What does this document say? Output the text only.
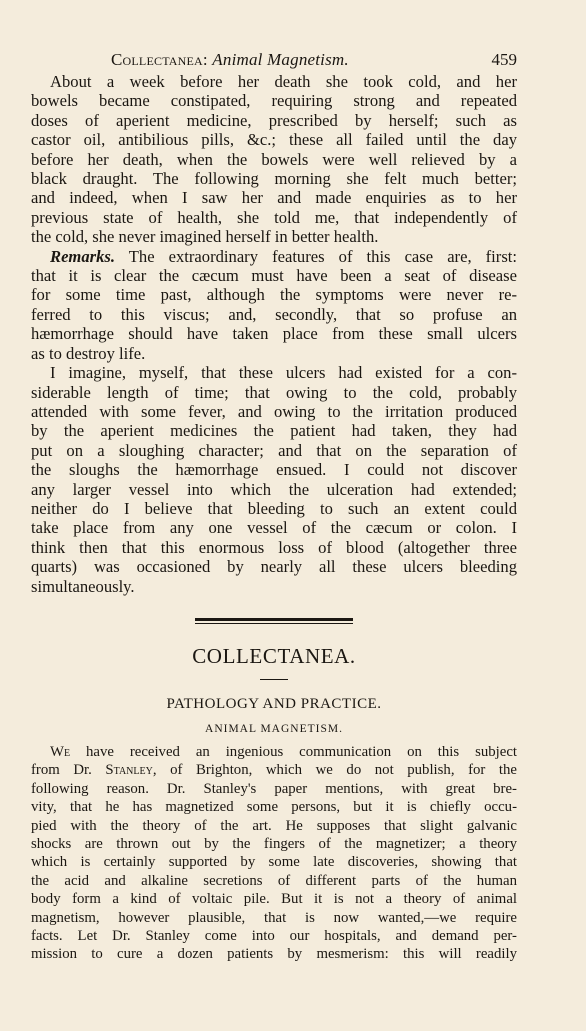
Collectanea: Animal Magnetism.	459

About a week before her death she took cold, and her
bowels became constipated, requiring strong and repeated
doses of aperient medicine, prescribed by herself; such as
castor oil, antibilious pills, &c.; these all failed until the day
before her death, when the bowels were well relieved by a
black draught. The following morning she felt much better;
and indeed, when I saw her and made enquiries as to her
previous state of health, she told me, that independently of
the cold, she never imagined herself in better health.

Remarks. The extraordinary features of this case are, first:
that it is clear the cæcum must have been a seat of disease
for some time past, although the symptoms were never re-
ferred to this viscus; and, secondly, that so profuse an
hæmorrhage should have taken place from these small ulcers
as to destroy life.

I imagine, myself, that these ulcers had existed for a con-
siderable length of time; that owing to the cold, probably
attended with some fever, and owing to the irritation produced
by the aperient medicines the patient had taken, they had
put on a sloughing character; and that on the separation of
the sloughs the hæmorrhage ensued. I could not discover
any larger vessel into which the ulceration had extended;
neither do I believe that bleeding to such an extent could
take place from any one vessel of the cæcum or colon. I
think then that this enormous loss of blood (altogether three
quarts) was occasioned by nearly all these ulcers bleeding
simultaneously.

COLLECTANEA.
PATHOLOGY AND PRACTICE.
ANIMAL MAGNETISM.

We have received an ingenious communication on this subject
from Dr. Stanley, of Brighton, which we do not publish, for the
following reason. Dr. Stanley's paper mentions, with great bre-
vity, that he has magnetized some persons, but it is chiefly occu-
pied with the theory of the art. He supposes that slight galvanic
shocks are thrown out by the fingers of the magnetizer; a theory
which is certainly supported by some late discoveries, showing that
the acid and alkaline secretions of different parts of the human
body form a kind of voltaic pile. But it is not a theory of animal
magnetism, however plausible, that is now wanted,—we require
facts. Let Dr. Stanley come into our hospitals, and demand per-
mission to cure a dozen patients by mesmerism: this will readily
